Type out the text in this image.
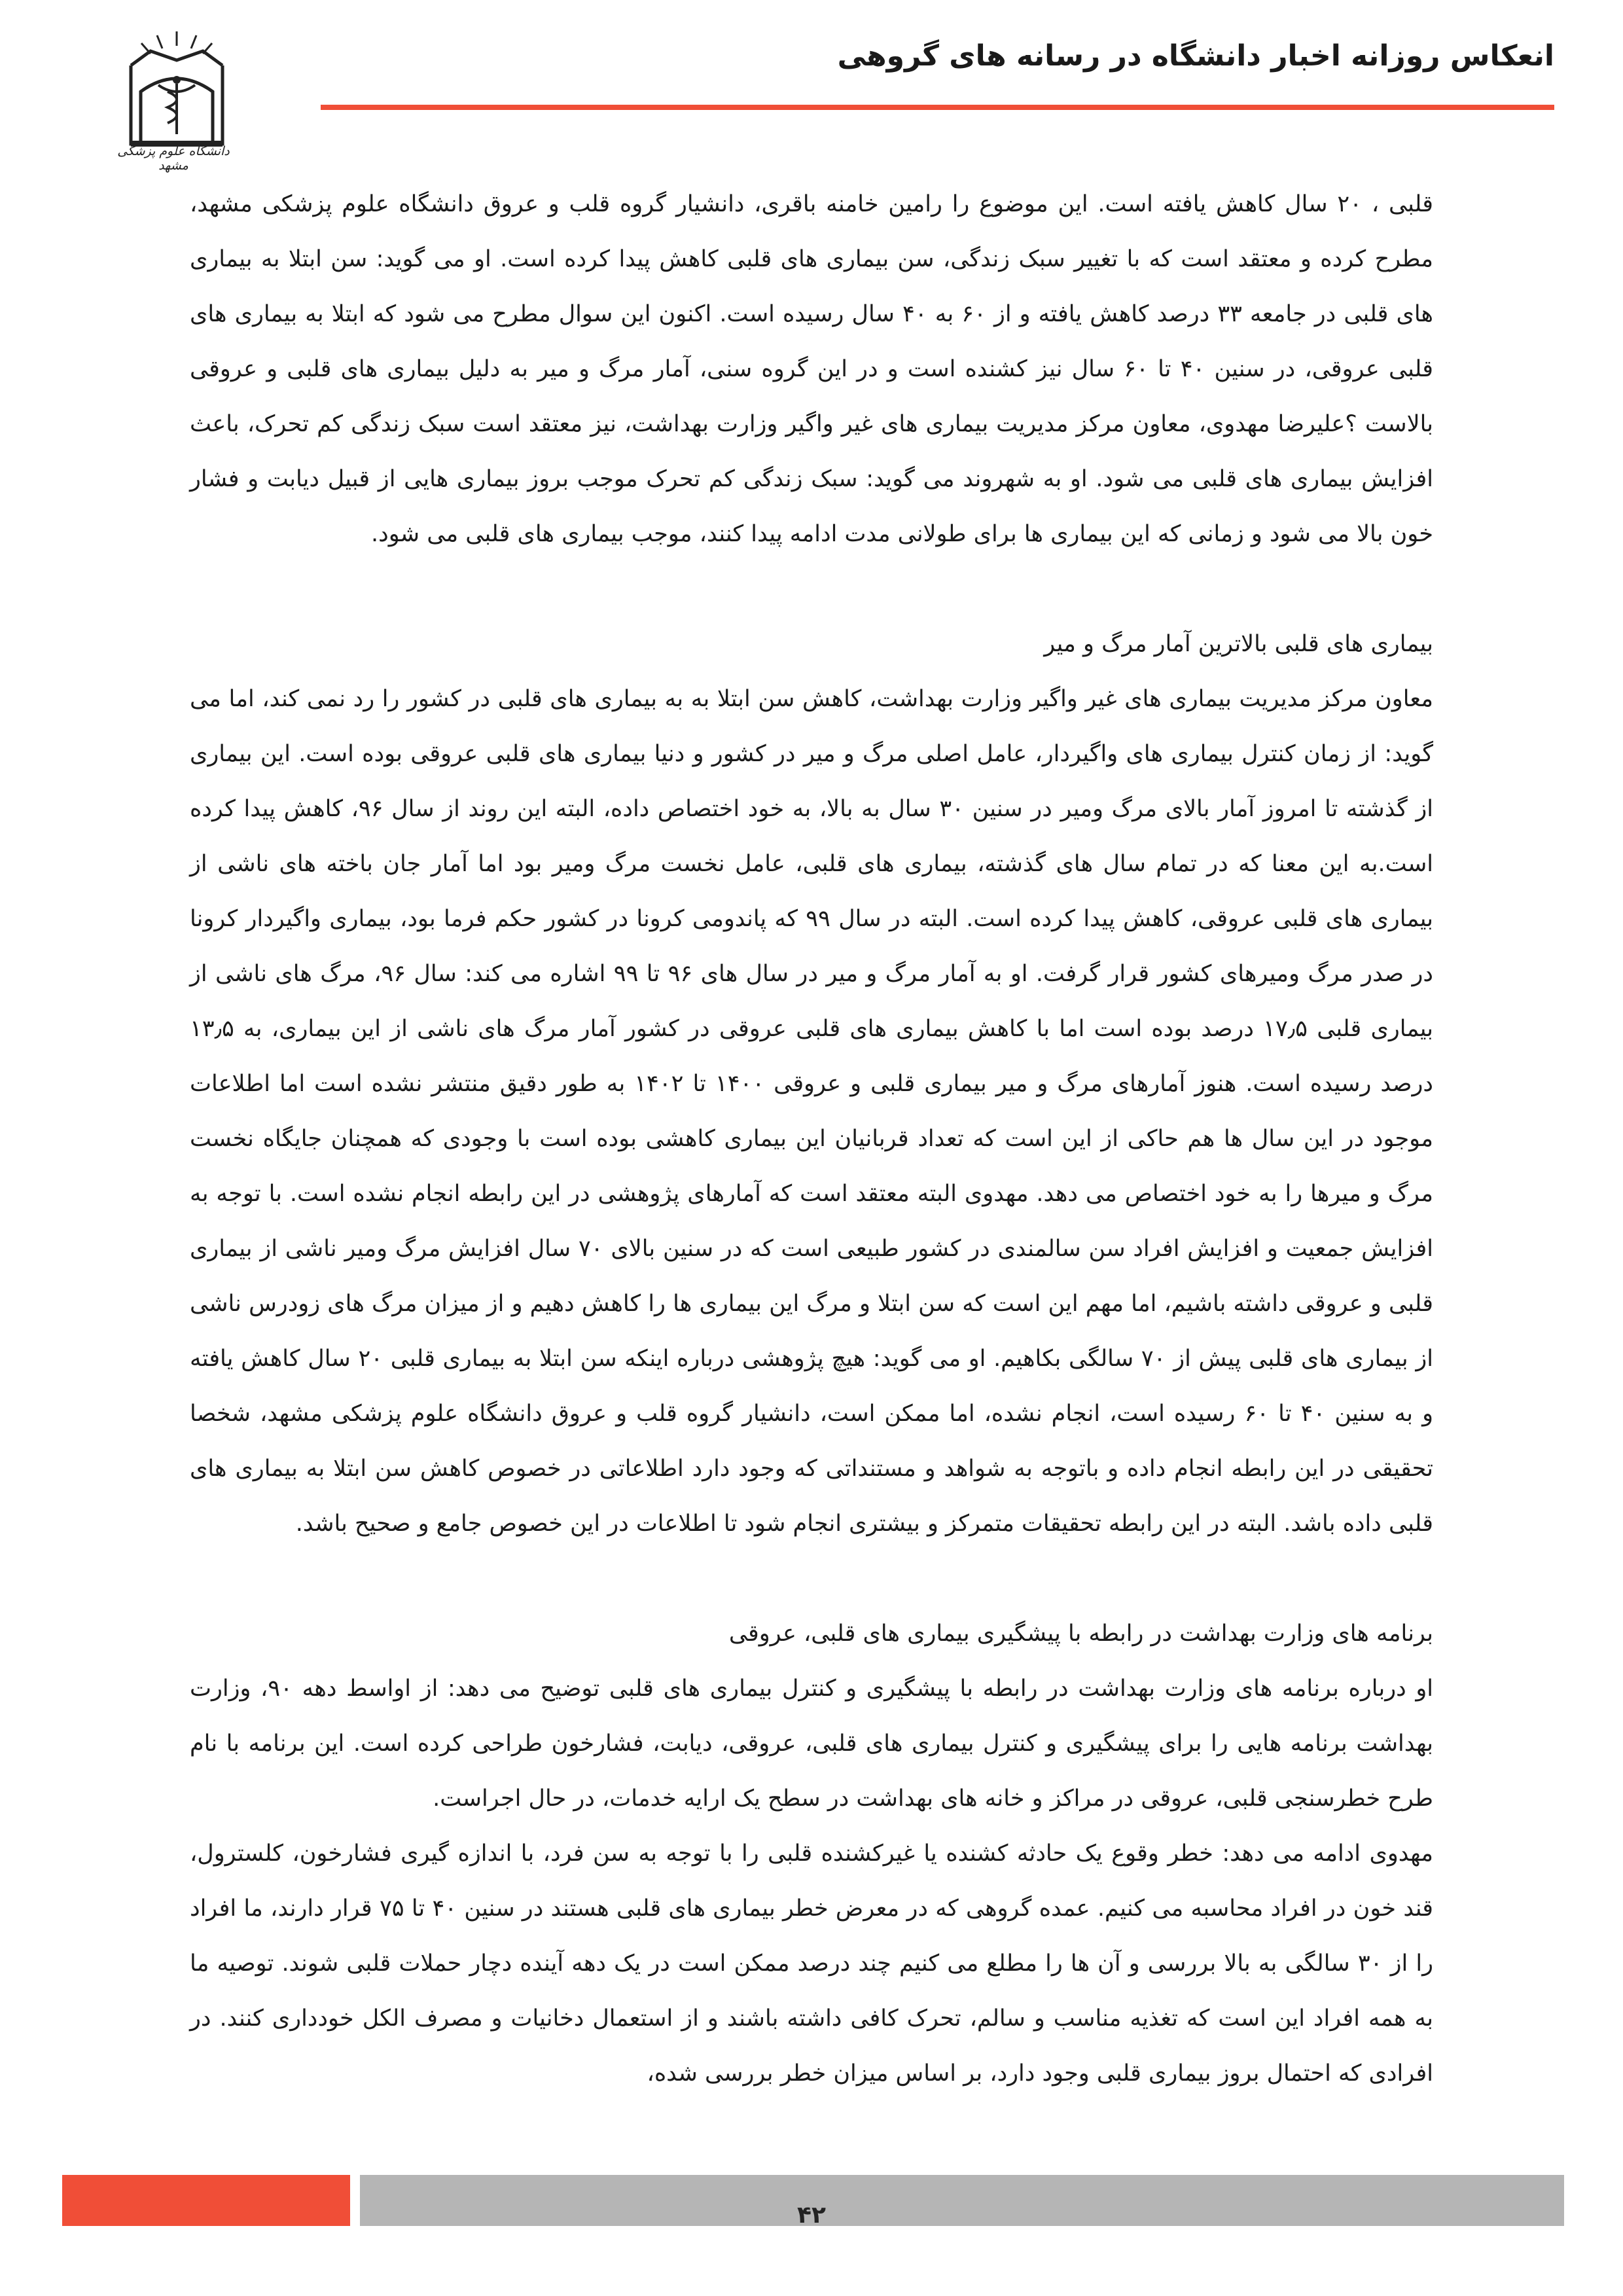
انعکاس روزانه اخبار دانشگاه در رسانه های گروهی
دانشگاه علوم پزشکی مشهد

قلبی ، ۲۰ سال کاهش یافته است. این موضوع را رامین خامنه باقری، دانشیار گروه قلب و عروق دانشگاه علوم پزشکی مشهد، مطرح کرده و معتقد است که با تغییر سبک زندگی، سن بیماری های قلبی کاهش پیدا کرده است. او می گوید: سن ابتلا به بیماری های قلبی در جامعه ۳۳ درصد کاهش یافته و از ۶۰ به ۴۰ سال رسیده است. اکنون این سوال مطرح می شود که ابتلا به بیماری های قلبی عروقی، در سنین ۴۰ تا ۶۰ سال نیز کشنده است و در این گروه سنی، آمار مرگ و میر به دلیل بیماری های قلبی و عروقی بالاست ؟علیرضا مهدوی، معاون مرکز مدیریت بیماری های غیر واگیر وزارت بهداشت، نیز معتقد است سبک زندگی کم تحرک، باعث افزایش بیماری های قلبی می شود. او به شهروند می گوید: سبک زندگی کم تحرک موجب بروز بیماری هایی از قبیل دیابت و فشار خون بالا می شود و زمانی که این بیماری ها برای طولانی مدت ادامه پیدا کنند، موجب بیماری های قلبی می شود.

بیماری های قلبی بالاترین آمار مرگ و میر

معاون مرکز مدیریت بیماری های غیر واگیر وزارت بهداشت، کاهش سن ابتلا به به بیماری های قلبی در کشور را رد نمی کند، اما می گوید: از زمان کنترل بیماری های واگیردار، عامل اصلی مرگ و میر در کشور و دنیا بیماری های قلبی عروقی بوده است. این بیماری از گذشته تا امروز آمار بالای مرگ ومیر در سنین ۳۰ سال به بالا، به خود اختصاص داده، البته این روند از سال ۹۶، کاهش پیدا کرده است.به این معنا که در تمام سال های گذشته، بیماری های قلبی، عامل نخست مرگ ومیر بود اما آمار جان باخته های ناشی از بیماری های قلبی عروقی، کاهش پیدا کرده است. البته در سال ۹۹ که پاندومی کرونا در کشور حکم فرما بود، بیماری واگیردار کرونا در صدر مرگ ومیرهای کشور قرار گرفت. او به آمار مرگ و میر در سال های ۹۶ تا ۹۹ اشاره می کند: سال ۹۶، مرگ های ناشی از بیماری قلبی ۱۷٫۵ درصد بوده است اما با کاهش بیماری های قلبی عروقی در کشور آمار مرگ های ناشی از این بیماری، به ۱۳٫۵ درصد رسیده است. هنوز آمارهای مرگ و میر بیماری قلبی و عروقی ۱۴۰۰ تا ۱۴۰۲ به طور دقیق منتشر نشده است اما اطلاعات موجود در این سال ها هم حاکی از این است که تعداد قربانیان این بیماری کاهشی بوده است با وجودی که همچنان جایگاه نخست مرگ و میرها را به خود اختصاص می دهد. مهدوی البته معتقد است که آمارهای پژوهشی در این رابطه انجام نشده است. با توجه به افزایش جمعیت و افزایش افراد سن سالمندی در کشور طبیعی است که در سنین بالای ۷۰ سال افزایش مرگ ومیر ناشی از بیماری قلبی و عروقی داشته باشیم، اما مهم این است که سن ابتلا و مرگ این بیماری ها را کاهش دهیم و از میزان مرگ های زودرس ناشی از بیماری های قلبی پیش از ۷۰ سالگی بکاهیم. او می گوید: هیچ پژوهشی درباره اینکه سن ابتلا به بیماری قلبی ۲۰ سال کاهش یافته و به سنین ۴۰ تا ۶۰ رسیده است، انجام نشده، اما ممکن است، دانشیار گروه قلب و عروق دانشگاه علوم پزشکی مشهد، شخصا تحقیقی در این رابطه انجام داده و باتوجه به شواهد و مستنداتی که وجود دارد اطلاعاتی در خصوص کاهش سن ابتلا به بیماری های قلبی داده باشد. البته در این رابطه تحقیقات متمرکز و بیشتری انجام شود تا اطلاعات در این خصوص جامع و صحیح باشد.

برنامه های وزارت بهداشت در رابطه با پیشگیری بیماری های قلبی، عروقی

او درباره برنامه های وزارت بهداشت در رابطه با پیشگیری و کنترل بیماری های قلبی توضیح می دهد: از اواسط دهه ۹۰، وزارت بهداشت برنامه هایی را برای پیشگیری و کنترل بیماری های قلبی، عروقی، دیابت، فشارخون طراحی کرده است. این برنامه با نام طرح خطرسنجی قلبی، عروقی در مراکز و خانه های بهداشت در سطح یک ارایه خدمات، در حال اجراست.

مهدوی ادامه می دهد: خطر وقوع یک حادثه کشنده یا غیرکشنده قلبی را با توجه به سن فرد، با اندازه گیری فشارخون، کلسترول، قند خون در افراد محاسبه می کنیم. عمده گروهی که در معرض خطر بیماری های قلبی هستند در سنین ۴۰ تا ۷۵ قرار دارند، ما افراد را از ۳۰ سالگی به بالا بررسی و آن ها را مطلع می کنیم چند درصد ممکن است در یک دهه آینده دچار حملات قلبی شوند. توصیه ما به همه افراد این است که تغذیه مناسب و سالم، تحرک کافی داشته باشند و از استعمال دخانیات و مصرف الکل خودداری کنند. در افرادی که احتمال بروز بیماری قلبی وجود دارد، بر اساس میزان خطر بررسی شده،

۴۲
